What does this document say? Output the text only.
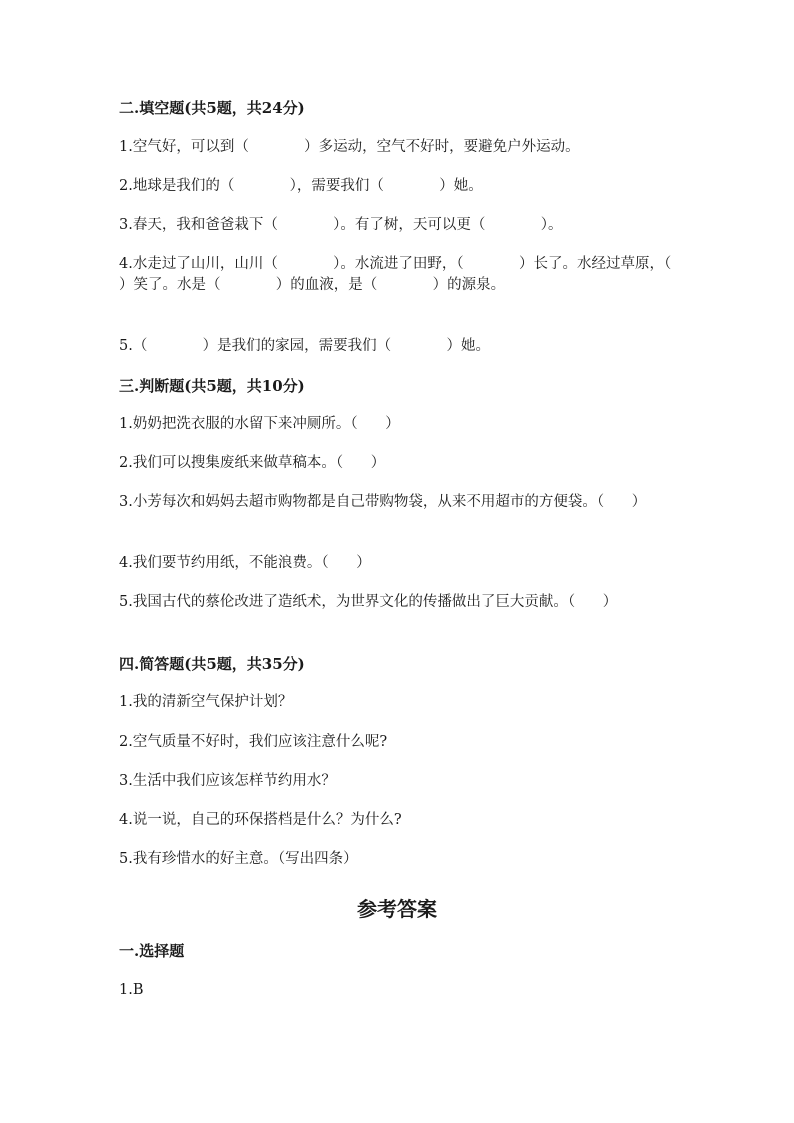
二.填空题(共5题，共24分)
1.空气好，可以到（            ）多运动，空气不好时，要避免户外运动。
2.地球是我们的（            ），需要我们（            ）她。
3.春天，我和爸爸栽下（            ）。有了树，天可以更（            ）。
4.水走过了山川，山川（            ）。水流进了田野，（            ）长了。水经过草原，（            ）笑了。水是（            ）的血液，是（            ）的源泉。
5.（            ）是我们的家园，需要我们（            ）她。
三.判断题(共5题，共10分)
1.奶奶把洗衣服的水留下来冲厕所。（      ）
2.我们可以搜集废纸来做草稿本。（      ）
3.小芳每次和妈妈去超市购物都是自己带购物袋，从来不用超市的方便袋。（      ）
4.我们要节约用纸，不能浪费。（      ）
5.我国古代的蔡伦改进了造纸术，为世界文化的传播做出了巨大贡献。（      ）
四.简答题(共5题，共35分)
1.我的清新空气保护计划？
2.空气质量不好时，我们应该注意什么呢?
3.生活中我们应该怎样节约用水？
4.说一说，自己的环保搭档是什么？为什么?
5.我有珍惜水的好主意。（写出四条）
参考答案
一.选择题
1.B
